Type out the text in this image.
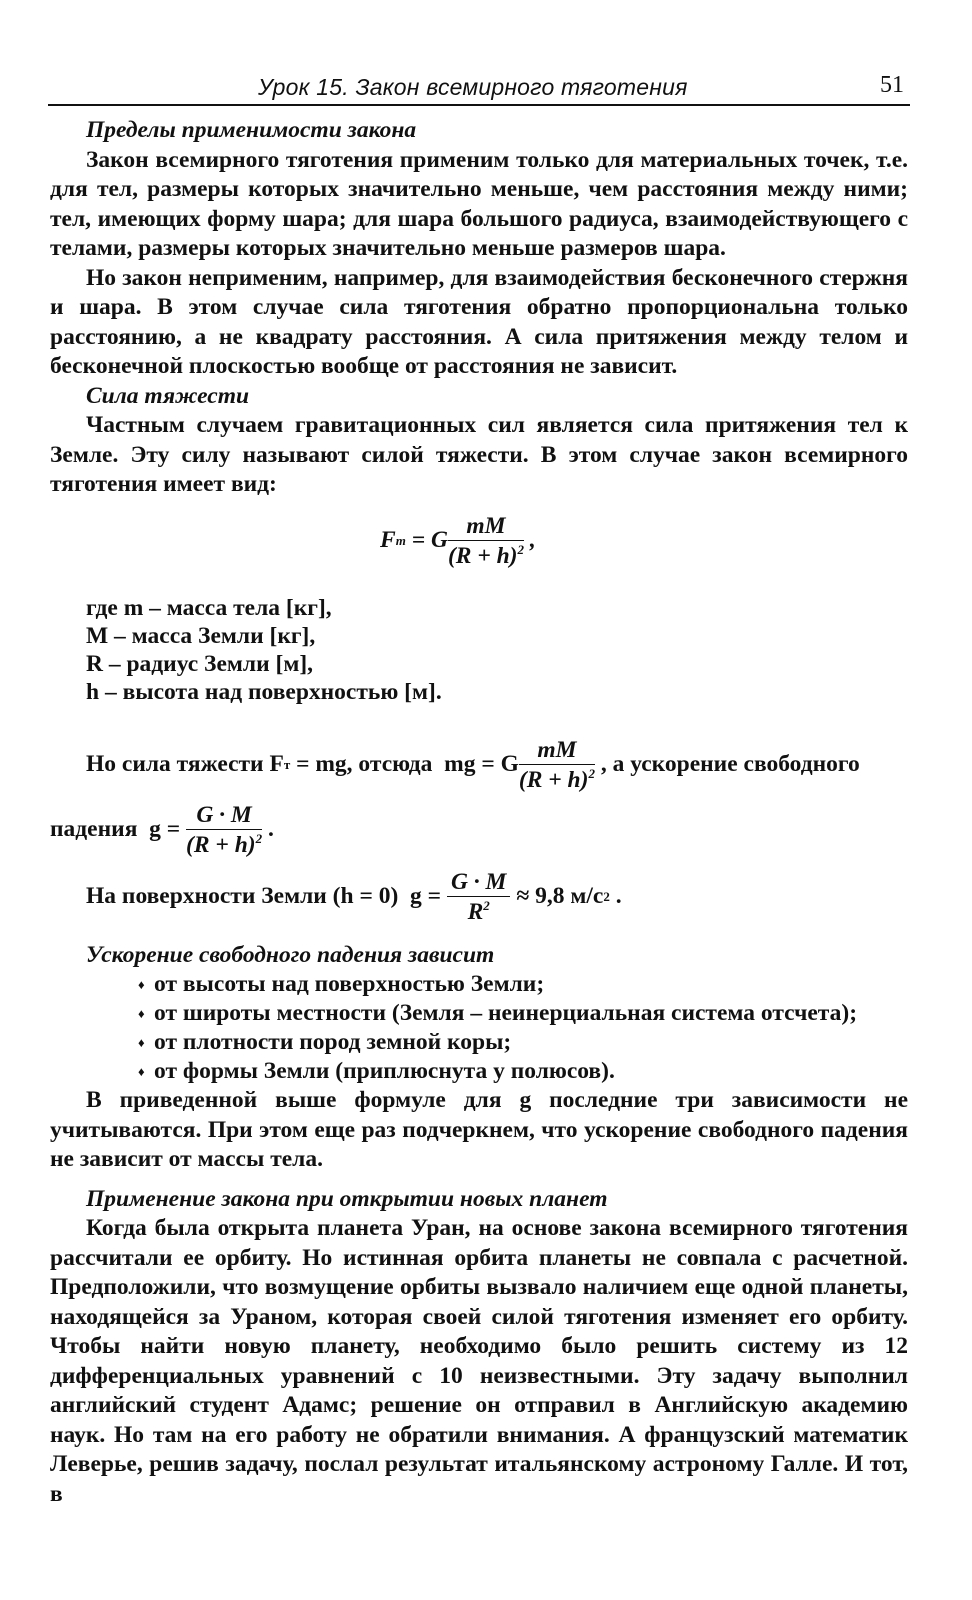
Урок 15. Закон всемирного тяготения	51

Пределы применимости закона

Закон всемирного тяготения применим только для материальных точек, т.е. для тел, размеры которых значительно меньше, чем расстояния между ними; тел, имеющих форму шара; для шара большого радиуса, взаимодействующего с телами, размеры которых значительно меньше размеров шара.

Но закон неприменим, например, для взаимодействия бесконечного стержня и шара. В этом случае сила тяготения обратно пропорциональна только расстоянию, а не квадрату расстояния. А сила притяжения между телом и бесконечной плоскостью вообще от расстояния не зависит.

Сила тяжести

Частным случаем гравитационных сил является сила притяжения тел к Земле. Эту силу называют силой тяжести. В этом случае закон всемирного тяготения имеет вид:

F т = G $\frac{mM}{(R + h)^2}$ ,
где m – масса тела [кг],
M – масса Земли [кг],
R – радиус Земли [м],
h – высота над поверхностью [м].
Но сила тяжести F т = mg, отсюда  mg = G $\frac{mM}{(R + h)^2}$ , а ускорение свободного
падения  $g = \frac{G \cdot M}{(R + h)^2}$ .
На поверхности Земли (h = 0)  $g = \frac{G \cdot M}{R^2} \approx 9,8$ м/с 2 .

Ускорение свободного падения зависит

♦ от высоты над поверхностью Земли;
♦ от широты местности (Земля – неинерциальная система отсчета);
♦ от плотности пород земной коры;
♦ от формы Земли (приплюснута у полюсов).

В приведенной выше формуле для g последние три зависимости не учитываются. При этом еще раз подчеркнем, что ускорение свободного падения не зависит от массы тела.

Применение закона при открытии новых планет

Когда была открыта планета Уран, на основе закона всемирного тяготения рассчитали ее орбиту. Но истинная орбита планеты не совпала с расчетной. Предположили, что возмущение орбиты вызвало наличием еще одной планеты, находящейся за Ураном, которая своей силой тяготения изменяет его орбиту. Чтобы найти новую планету, необходимо было решить систему из 12 дифференциальных уравнений с 10 неизвестными. Эту задачу выполнил английский студент Адамс; решение он отправил в Английскую академию наук. Но там на его работу не обратили внимания. А французский математик Леверье, решив задачу, послал результат итальянскому астроному Галле. И тот, в
